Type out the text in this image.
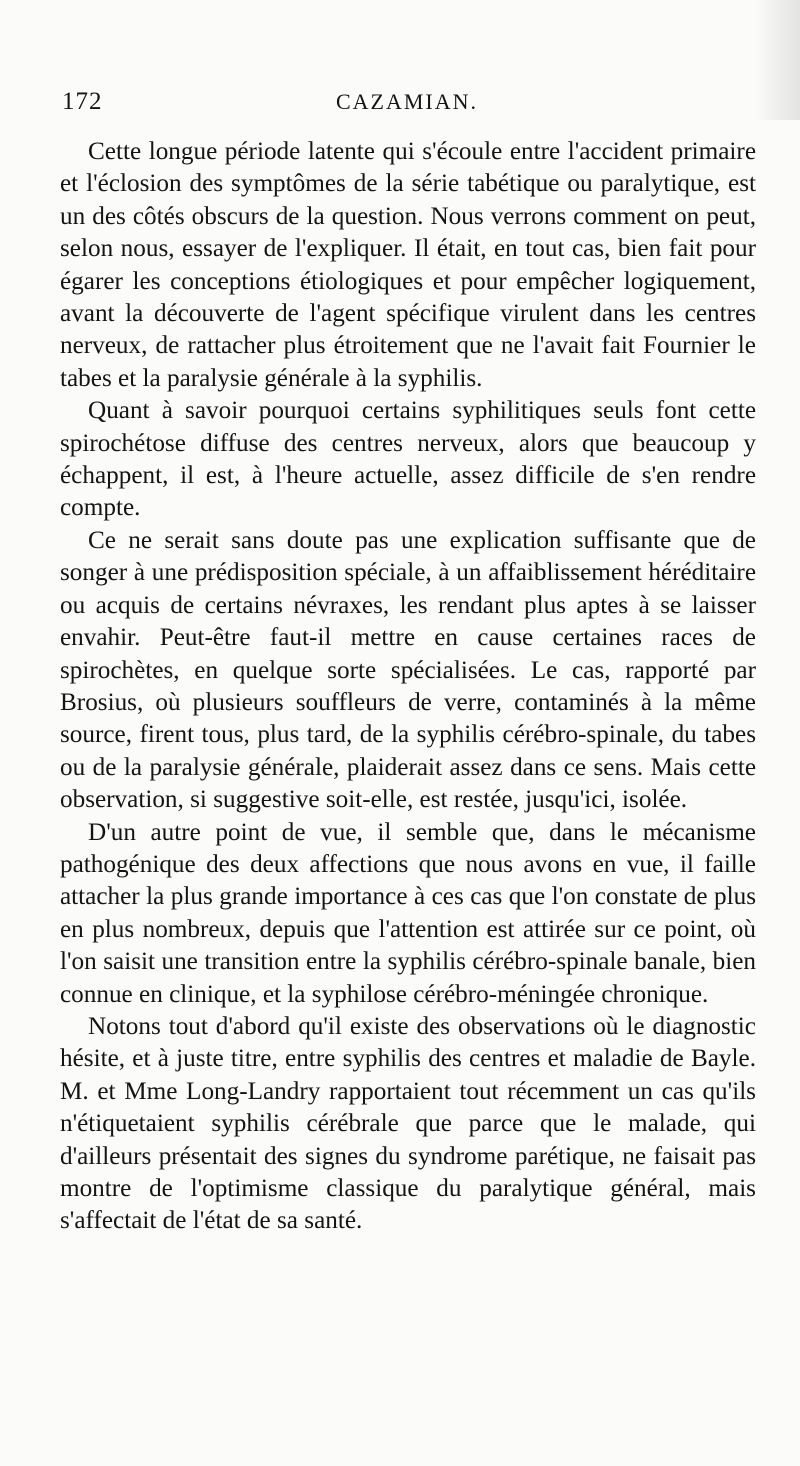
172	CAZAMIAN.

Cette longue période latente qui s'écoule entre l'accident primaire et l'éclosion des symptômes de la série tabétique ou paralytique, est un des côtés obscurs de la question. Nous verrons comment on peut, selon nous, essayer de l'expliquer. Il était, en tout cas, bien fait pour égarer les conceptions étiologiques et pour empêcher logiquement, avant la découverte de l'agent spécifique virulent dans les centres nerveux, de rattacher plus étroitement que ne l'avait fait Fournier le tabes et la paralysie générale à la syphilis.

Quant à savoir pourquoi certains syphilitiques seuls font cette spirochétose diffuse des centres nerveux, alors que beaucoup y échappent, il est, à l'heure actuelle, assez difficile de s'en rendre compte.

Ce ne serait sans doute pas une explication suffisante que de songer à une prédisposition spéciale, à un affaiblissement héréditaire ou acquis de certains névraxes, les rendant plus aptes à se laisser envahir. Peut-être faut-il mettre en cause certaines races de spirochètes, en quelque sorte spécialisées. Le cas, rapporté par Brosius, où plusieurs souffleurs de verre, contaminés à la même source, firent tous, plus tard, de la syphilis cérébro-spinale, du tabes ou de la paralysie générale, plaiderait assez dans ce sens. Mais cette observation, si suggestive soit-elle, est restée, jusqu'ici, isolée.

D'un autre point de vue, il semble que, dans le mécanisme pathogénique des deux affections que nous avons en vue, il faille attacher la plus grande importance à ces cas que l'on constate de plus en plus nombreux, depuis que l'attention est attirée sur ce point, où l'on saisit une transition entre la syphilis cérébro-spinale banale, bien connue en clinique, et la syphilose cérébro-méningée chronique.

Notons tout d'abord qu'il existe des observations où le diagnostic hésite, et à juste titre, entre syphilis des centres et maladie de Bayle. M. et Mme Long-Landry rapportaient tout récemment un cas qu'ils n'étiquetaient syphilis cérébrale que parce que le malade, qui d'ailleurs présentait des signes du syndrome parétique, ne faisait pas montre de l'optimisme classique du paralytique général, mais s'affectait de l'état de sa santé.
